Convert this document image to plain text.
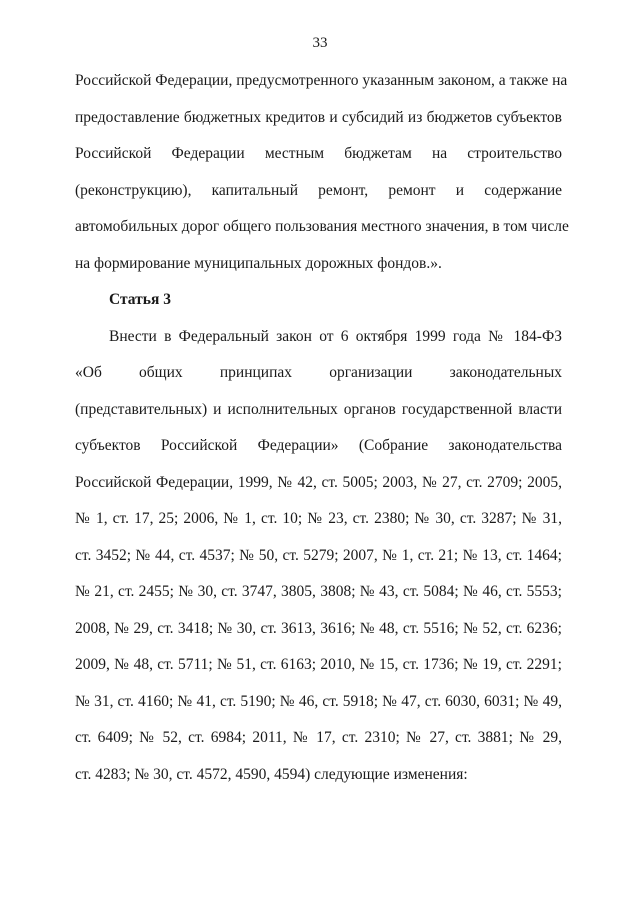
33
Российской Федерации, предусмотренного указанным законом, а также на
предоставление бюджетных кредитов и субсидий из бюджетов субъектов
Российской Федерации местным бюджетам на строительство
(реконструкцию), капитальный ремонт, ремонт и содержание
автомобильных дорог общего пользования местного значения, в том числе
на формирование муниципальных дорожных фондов.».
Статья 3
Внести в Федеральный закон от 6 октября 1999 года № 184-ФЗ
«Об общих принципах организации законодательных
(представительных) и исполнительных органов государственной власти
субъектов Российской Федерации» (Собрание законодательства
Российской Федерации, 1999, № 42, ст. 5005; 2003, № 27, ст. 2709; 2005,
№ 1, ст. 17, 25; 2006, № 1, ст. 10; № 23, ст. 2380; № 30, ст. 3287; № 31,
ст. 3452; № 44, ст. 4537; № 50, ст. 5279; 2007, № 1, ст. 21; № 13, ст. 1464;
№ 21, ст. 2455; № 30, ст. 3747, 3805, 3808; № 43, ст. 5084; № 46, ст. 5553;
2008, № 29, ст. 3418; № 30, ст. 3613, 3616; № 48, ст. 5516; № 52, ст. 6236;
2009, № 48, ст. 5711; № 51, ст. 6163; 2010, № 15, ст. 1736; № 19, ст. 2291;
№ 31, ст. 4160; № 41, ст. 5190; № 46, ст. 5918; № 47, ст. 6030, 6031; № 49,
ст. 6409; № 52, ст. 6984; 2011, № 17, ст. 2310; № 27, ст. 3881; № 29,
ст. 4283; № 30, ст. 4572, 4590, 4594) следующие изменения:
